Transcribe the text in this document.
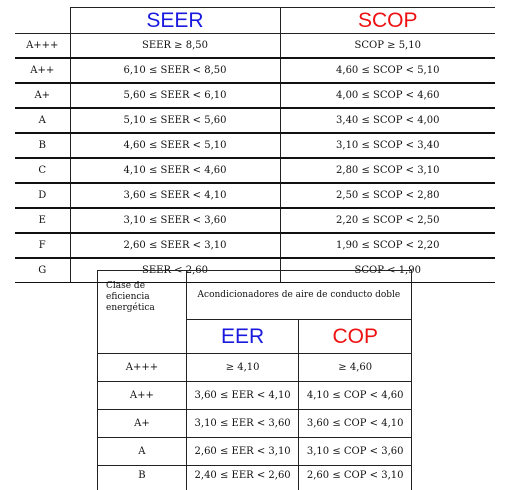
	SEER	SCOP
A+++	SEER ≥ 8,50	SCOP ≥ 5,10
A++	6,10 ≤ SEER < 8,50	4,60 ≤ SCOP < 5,10
A+	5,60 ≤ SEER < 6,10	4,00 ≤ SCOP < 4,60
A	5,10 ≤ SEER < 5,60	3,40 ≤ SCOP < 4,00
B	4,60 ≤ SEER < 5,10	3,10 ≤ SCOP < 3,40
C	4,10 ≤ SEER < 4,60	2,80 ≤ SCOP < 3,10
D	3,60 ≤ SEER < 4,10	2,50 ≤ SCOP < 2,80
E	3,10 ≤ SEER < 3,60	2,20 ≤ SCOP < 2,50
F	2,60 ≤ SEER < 3,10	1,90 ≤ SCOP < 2,20
G	SEER < 2,60	SCOP < 1,90
Clase de eficiencia energética	Acondicionadores de aire de conducto doble	
	EER	COP
A+++	≥ 4,10	≥ 4,60
A++	3,60 ≤ EER < 4,10	4,10 ≤ COP < 4,60
A+	3,10 ≤ EER < 3,60	3,60 ≤ COP < 4,10
A	2,60 ≤ EER < 3,10	3,10 ≤ COP < 3,60
B	2,40 ≤ EER < 2,60	2,60 ≤ COP < 3,10
